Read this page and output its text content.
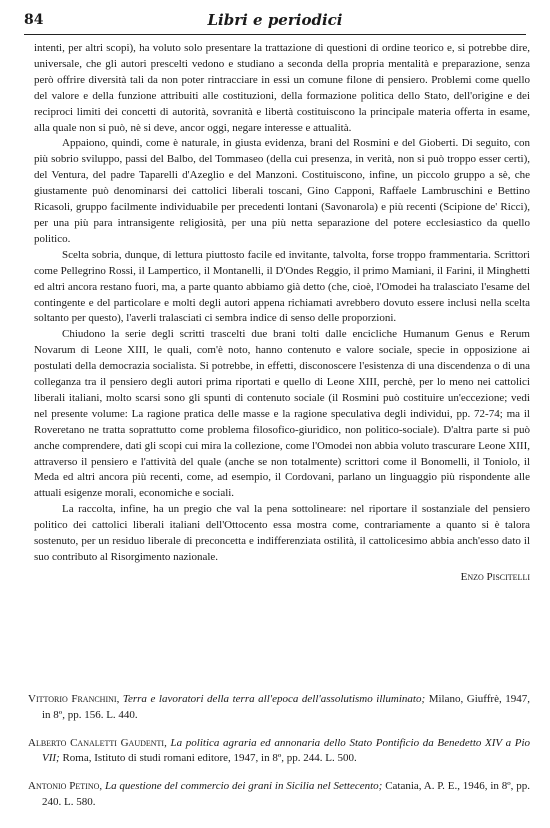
84	Libri e periodici

intenti, per altri scopi), ha voluto solo presentare la trattazione di questioni di ordine teorico e, si potrebbe dire, universale, che gli autori prescelti vedono e studiano a seconda della propria mentalità e preparazione, senza però offrire diversità tali da non poter rintracciare in essi un comune filone di pensiero. Problemi come quello del valore e della funzione attribuiti alle costituzioni, della formazione politica dello Stato, dell'origine e dei reciproci limiti dei concetti di autorità, sovranità e libertà costituiscono la principale materia offerta in esame, alla quale non si può, nè si deve, ancor oggi, negare interesse e attualità.

Appaiono, quindi, come è naturale, in giusta evidenza, brani del Rosmini e del Gioberti. Di seguito, con più sobrio sviluppo, passi del Balbo, del Tommaseo (della cui presenza, in verità, non si può troppo esser certi), del Ventura, del padre Taparelli d'Azeglio e del Manzoni. Costituiscono, infine, un piccolo gruppo a sè, che giustamente può denominarsi dei cattolici liberali toscani, Gino Capponi, Raffaele Lambruschini e Bettino Ricasoli, gruppo facilmente individuabile per precedenti lontani (Savonarola) e più recenti (Scipione de' Ricci), per una più para intransigente religiosità, per una più netta separazione del potere ecclesiastico da quello politico.

Scelta sobria, dunque, di lettura piuttosto facile ed invitante, talvolta, forse troppo frammentaria. Scrittori come Pellegrino Rossi, il Lampertico, il Montanelli, il D'Ondes Reggio, il primo Mamiani, il Farini, il Minghetti ed altri ancora restano fuori, ma, a parte quanto abbiamo già detto (che, cioè, l'Omodei ha tralasciato l'esame del contingente e del particolare e molti degli autori appena richiamati avrebbero dovuto essere inclusi nella scelta soltanto per questo), l'averli tralasciati ci sembra indice di senso delle proporzioni.

Chiudono la serie degli scritti trascelti due brani tolti dalle encicliche Humanum Genus e Rerum Novarum di Leone XIII, le quali, com'è noto, hanno contenuto e valore sociale, specie in opposizione ai postulati della democrazia socialista. Si potrebbe, in effetti, disconoscere l'esistenza di una discendenza o di una colleganza tra il pensiero degli autori prima riportati e quello di Leone XIII, perchè, per lo meno nei cattolici liberali italiani, molto scarsi sono gli spunti di contenuto sociale (il Rosmini può costituire un'eccezione; vedi nel presente volume: La ragione pratica delle masse e la ragione speculativa degli individui, pp. 72-74; ma il Roveretano ne tratta soprattutto come problema filosofico-giuridico, non politico-sociale). D'altra parte si può anche comprendere, dati gli scopi cui mira la collezione, come l'Omodei non abbia voluto trascurare Leone XIII, attraverso il pensiero e l'attività del quale (anche se non totalmente) scrittori come il Bonomelli, il Toniolo, il Meda ed altri ancora più recenti, come, ad esempio, il Cordovani, parlano un linguaggio più rispondente alle attuali esigenze morali, economiche e sociali.

La raccolta, infine, ha un pregio che val la pena sottolineare: nel riportare il sostanziale del pensiero politico dei cattolici liberali italiani dell'Ottocento essa mostra come, contrariamente a quanto si è talora sostenuto, per un residuo liberale di preconcetta e indifferenziata ostilità, il cattolicesimo abbia anch'esso dato il suo contributo al Risorgimento nazionale.

Enzo Piscitelli
Vittorio Franchini, Terra e lavoratori della terra all'epoca dell'assolutismo illuminato; Milano, Giuffrè, 1947, in 8º, pp. 156. L. 440.
Alberto Canaletti Gaudenti, La politica agraria ed annonaria dello Stato Pontificio da Benedetto XIV a Pio VII; Roma, Istituto di studi romani editore, 1947, in 8º, pp. 244. L. 500.
Antonio Petino, La questione del commercio dei grani in Sicilia nel Settecento; Catania, A. P. E., 1946, in 8º, pp. 240. L. 580.
